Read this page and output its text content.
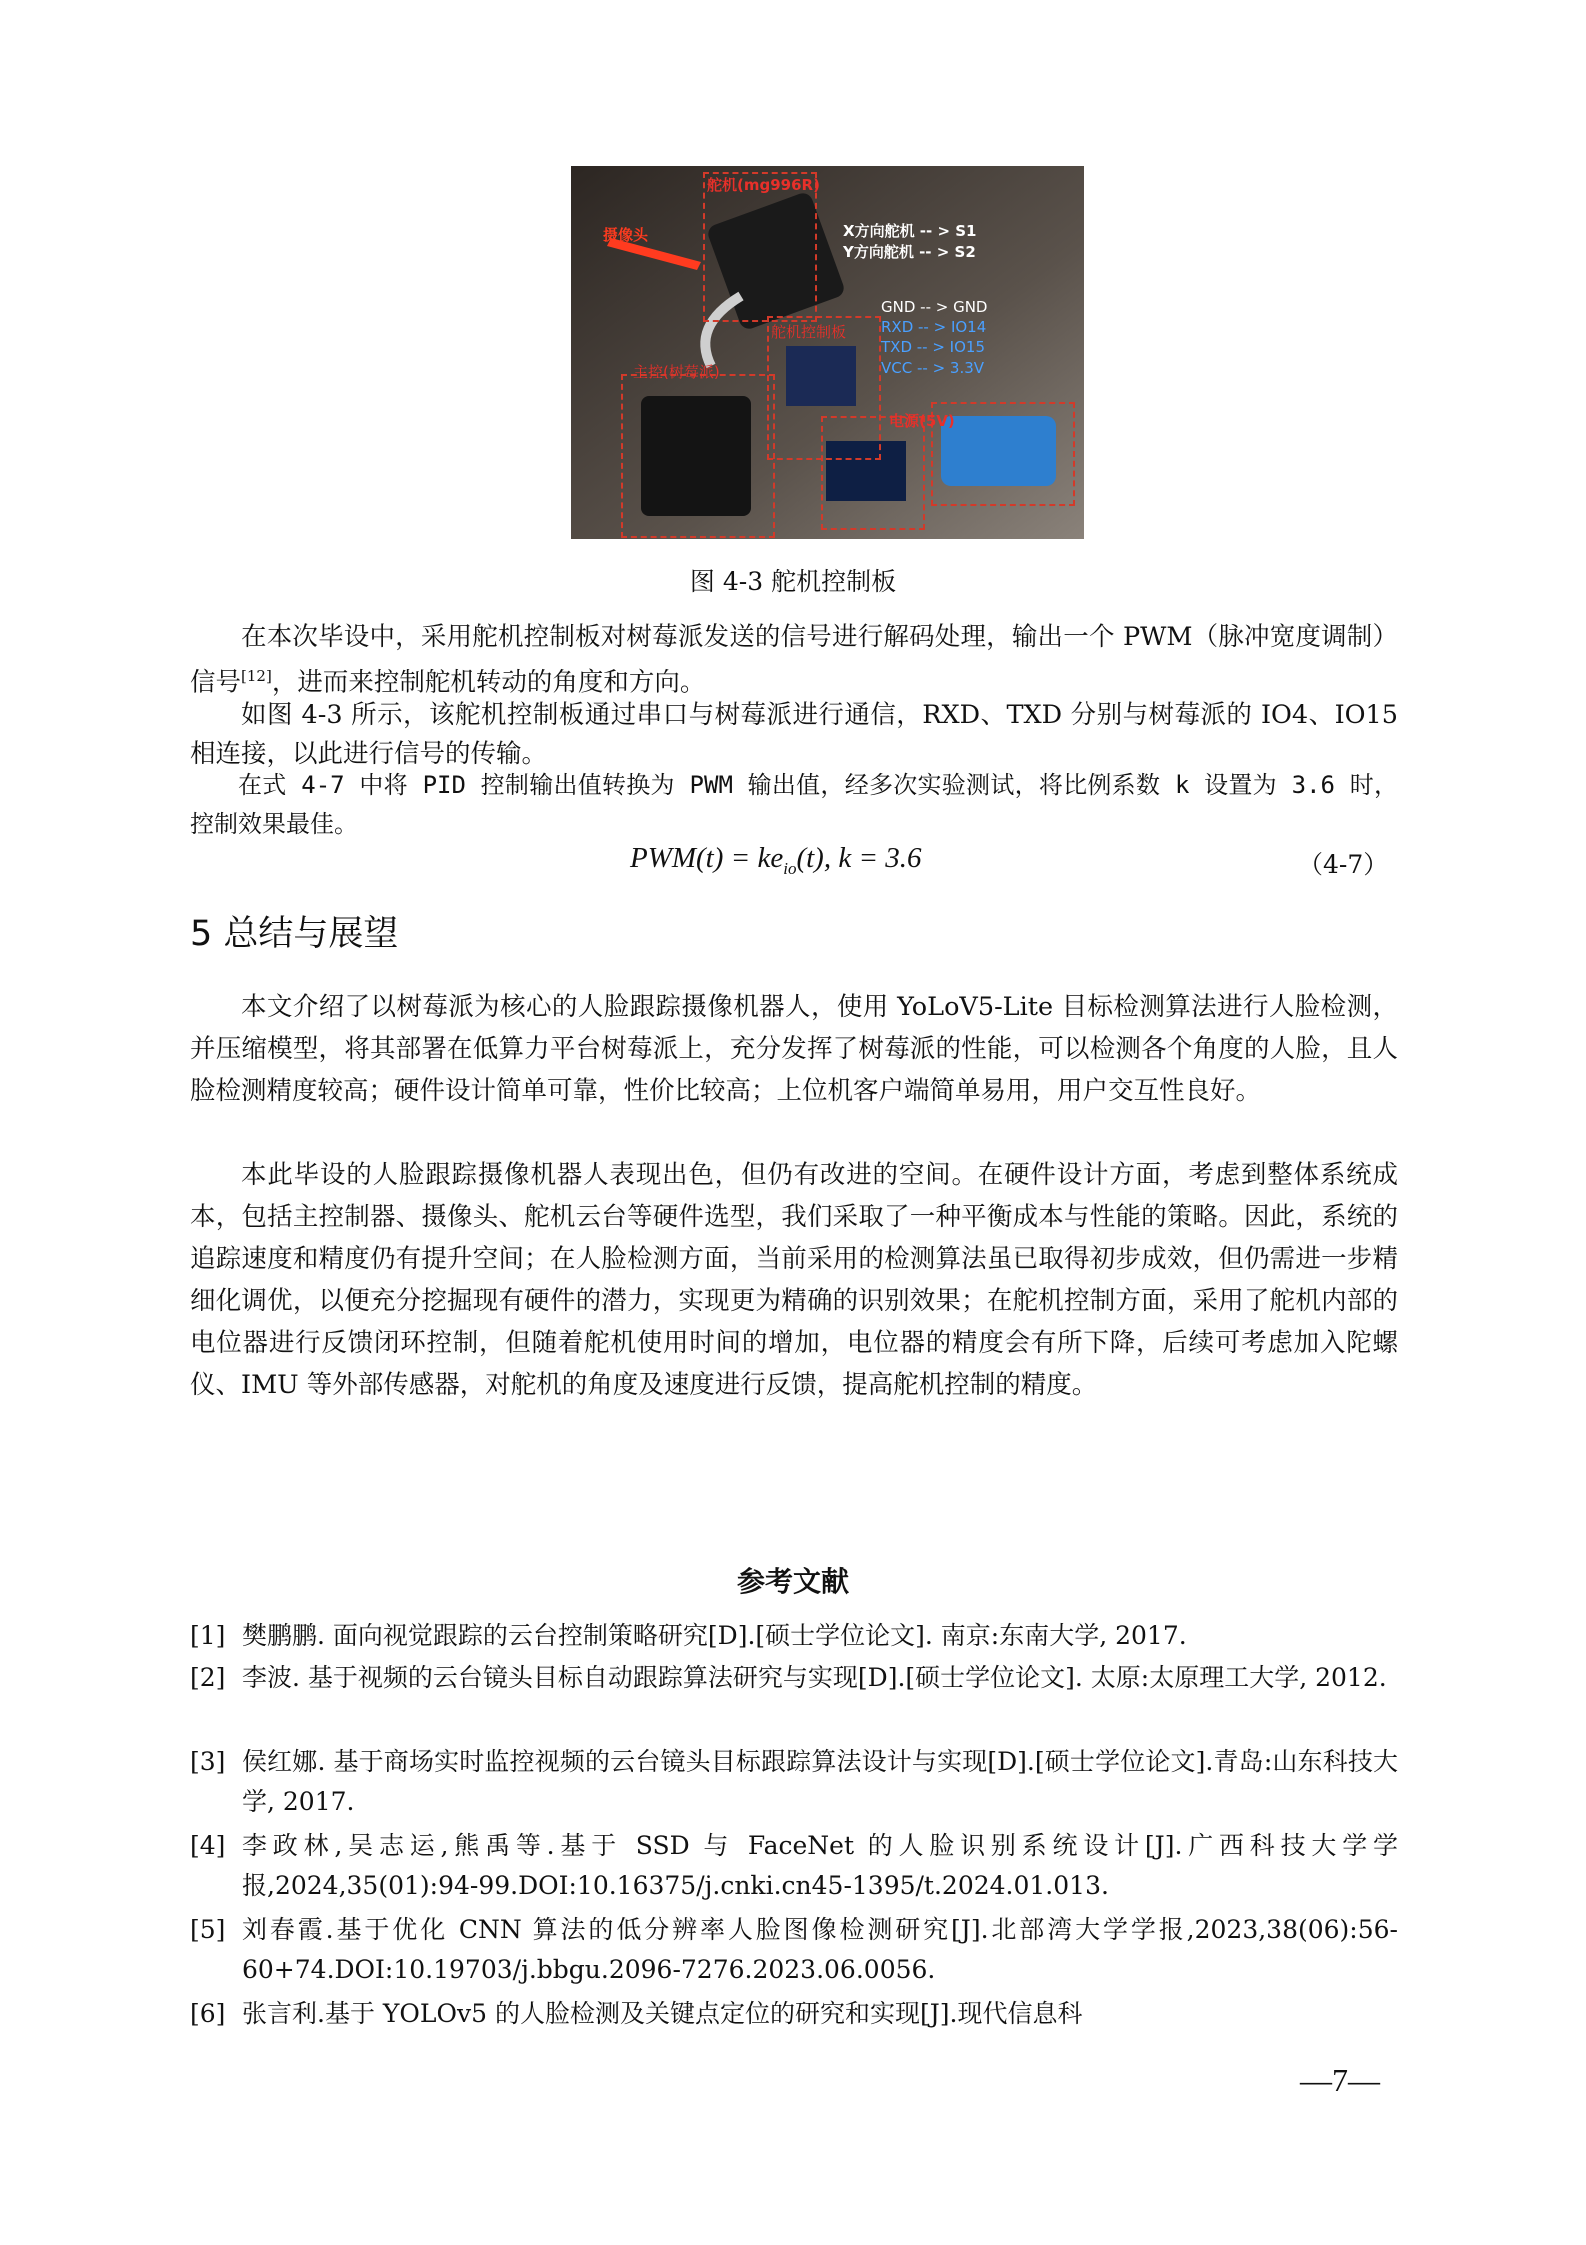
舵机(mg996R)
摄像头	X方向舵机 -- > S1
Y方向舵机 -- > S2
GND -- > GND
RXD -- > IO14
TXD -- > IO15
VCC -- > 3.3V
舵机控制板
主控(树莓派)
电源(5V)
图 4-3 舵机控制板
在本次毕设中，采用舵机控制板对树莓派发送的信号进行解码处理，输出一个 PWM（脉冲宽度调制）信号[12]，进而来控制舵机转动的角度和方向。
如图 4-3 所示，该舵机控制板通过串口与树莓派进行通信，RXD、TXD 分别与树莓派的 IO4、IO15 相连接，以此进行信号的传输。
在式 4-7 中将 PID 控制输出值转换为 PWM 输出值，经多次实验测试，将比例系数 k 设置为 3.6 时，控制效果最佳。
$PWM(t) = ke_{io}(t)$, k = 3.6	（4-7）
5 总结与展望
本文介绍了以树莓派为核心的人脸跟踪摄像机器人，使用 YoLoV5-Lite 目标检测算法进行人脸检测，并压缩模型，将其部署在低算力平台树莓派上，充分发挥了树莓派的性能，可以检测各个角度的人脸，且人脸检测精度较高；硬件设计简单可靠，性价比较高；上位机客户端简单易用，用户交互性良好。
本此毕设的人脸跟踪摄像机器人表现出色，但仍有改进的空间。在硬件设计方面，考虑到整体系统成本，包括主控制器、摄像头、舵机云台等硬件选型，我们采取了一种平衡成本与性能的策略。因此，系统的追踪速度和精度仍有提升空间；在人脸检测方面，当前采用的检测算法虽已取得初步成效，但仍需进一步精细化调优，以便充分挖掘现有硬件的潜力，实现更为精确的识别效果；在舵机控制方面，采用了舵机内部的电位器进行反馈闭环控制，但随着舵机使用时间的增加，电位器的精度会有所下降，后续可考虑加入陀螺仪、IMU 等外部传感器，对舵机的角度及速度进行反馈，提高舵机控制的精度。
参考文献
[1] 樊鹏鹏. 面向视觉跟踪的云台控制策略研究[D].[硕士学位论文]. 南京:东南大学, 2017.
[2] 李波. 基于视频的云台镜头目标自动跟踪算法研究与实现[D].[硕士学位论文]. 太原:太原理工大学, 2012.
[3] 侯红娜. 基于商场实时监控视频的云台镜头目标跟踪算法设计与实现[D].[硕士学位论文].青岛:山东科技大学, 2017.
[4] 李政林,吴志运,熊禹等.基于 SSD 与 FaceNet 的人脸识别系统设计[J].广西科技大学学报,2024,35(01):94-99.DOI:10.16375/j.cnki.cn45-1395/t.2024.01.013.
[5] 刘春霞.基于优化 CNN 算法的低分辨率人脸图像检测研究[J].北部湾大学学报,2023,38(06):56-60+74.DOI:10.19703/j.bbgu.2096-7276.2023.06.0056.
[6] 张言利.基于 YOLOv5 的人脸检测及关键点定位的研究和实现[J].现代信息科
—7—
